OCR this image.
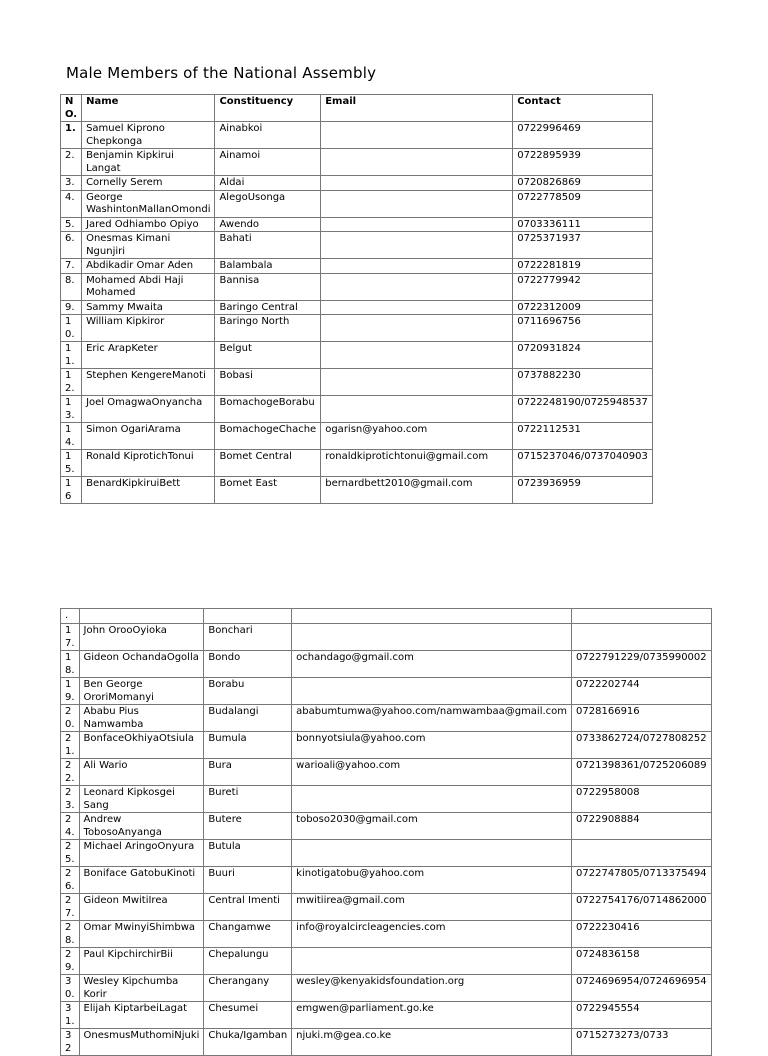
Male Members of the National Assembly
N O.	Name	Constituency	Email	Contact
1.	Samuel Kiprono Chepkonga	Ainabkoi		0722996469
2.	Benjamin Kipkirui Langat	Ainamoi		0722895939
3.	Cornelly Serem	Aldai		0720826869
4.	George WashintonMallanOmondi	AlegoUsonga		0722778509
5.	Jared Odhiambo Opiyo	Awendo		0703336111
6.	Onesmas Kimani Ngunjiri	Bahati		0725371937
7.	Abdikadir Omar Aden	Balambala		0722281819
8.	Mohamed Abdi Haji Mohamed	Bannisa		0722779942
9.	Sammy Mwaita	Baringo Central		0722312009
10.	William Kipkiror	Baringo North		0711696756
11.	Eric ArapKeter	Belgut		0720931824
12.	Stephen KengereManoti	Bobasi		0737882230
13.	Joel OmagwaOnyancha	BomachogeBorabu		0722248190/0725948537
14.	Simon OgariArama	BomachogeChache	ogarisn@yahoo.com	0722112531
15.	Ronald KiprotichTonui	Bomet Central	ronaldkiprotichtonui@gmail.com	0715237046/0737040903
16	BenardKipkiruiBett	Bomet East	bernardbett2010@gmail.com	0723936959
.				
17.	John OrooOyioka	Bonchari		
18.	Gideon OchandaOgolla	Bondo	ochandago@gmail.com	0722791229/0735990002
19.	Ben George OroriMomanyi	Borabu		0722202744
20.	Ababu Pius Namwamba	Budalangi	ababumtumwa@yahoo.com/namwambaa@gmail.com	0728166916
21.	BonfaceOkhiyaOtsiula	Bumula	bonnyotsiula@yahoo.com	0733862724/0727808252
22.	Ali Wario	Bura	warioali@yahoo.com	0721398361/0725206089
23.	Leonard Kipkosgei Sang	Bureti		0722958008
24.	Andrew TobosoAnyanga	Butere	toboso2030@gmail.com	0722908884
25.	Michael AringoOnyura	Butula		
26.	Boniface GatobuKinoti	Buuri	kinotigatobu@yahoo.com	0722747805/0713375494
27.	Gideon MwitiIrea	Central Imenti	mwitiirea@gmail.com	0722754176/0714862000
28.	Omar MwinyiShimbwa	Changamwe	info@royalcircleagencies.com	0722230416
29.	Paul KipchirchirBii	Chepalungu		0724836158
30.	Wesley Kipchumba Korir	Cherangany	wesley@kenyakidsfoundation.org	0724696954/0724696954
31.	Elijah KiptarbeiLagat	Chesumei	emgwen@parliament.go.ke	0722945554
32	OnesmusMuthomiNjuki	Chuka/Igamban	njuki.m@gea.co.ke	0715273273/0733
